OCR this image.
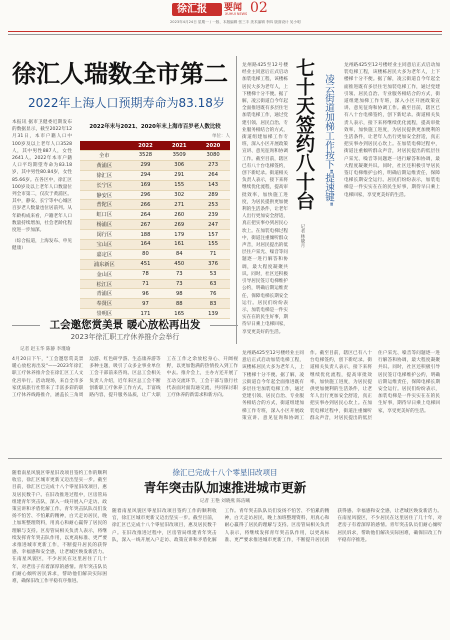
徐汇报	XUHUI NEWS
要闻 02
2023年4月24日 星期一 / 一版、本版编辑 张三丰 美术编辑 李四 版面设计 吴小明
徐汇人瑞数全市第二
2022年上海人口预期寿命为83.18岁

本报讯 据市卫健委近期发布的数据显示，截至2022年12月31日，本市户籍人口中100岁及以上老年人口3528人，其中男性887人，女性2641人。2022年本市户籍人口平均期望寿命为83.18岁，其中男性80.84岁，女性85.66岁。在各区中，徐汇区100岁及以上老年人口数量位列全市第二，仅次于黄浦区。其中，静安、长宁等中心城区百岁老人数量也位居前列。从年龄构成来看，户籍老年人口数量持续增加，社会老龄化程度进一步加深。

（综合报道，上海发布、申见健康）

2022年末与2021、2020年末上海市百岁老人数比较
单位：人
	2022	2021	2020
全市	3528	3509	3080
黄浦区	299	306	273
徐汇区	294	291	264
长宁区	169	155	143
静安区	296	302	289
普陀区	266	271	253
虹口区	264	260	239
杨浦区	267	269	247
闵行区	188	179	157
宝山区	164	161	155
嘉定区	80	84	71
浦东新区	451	450	376
金山区	78	73	53
松江区	71	73	63
青浦区	96	98	76
奉贤区	97	88	83
崇明区	171	165	139
七十天签约八十台 凌云街道加梯工作按下"提速键"
记者 林晓月

龙州路425至12号楼经业主同意后正式启动加装电梯工程，该楼栋居民大多为老年人，上下楼梯十分不便。据了解，凌云街道自今年起全面推进既有多层住宅加装电梯工作，通过党建引领、居民自治、专业服务相结合的方式，街道组建加梯工作专班，深入小区开展政策宣讲、意见征询和协调工作。截至目前，辖区已有八十台电梯签约，创下新纪录。街道相关负责人表示，接下来将继续优化流程，提高审批效率，加快施工进度，为居民提供更加便利的生活条件，让老年人出行更加安全舒适，真正把实事办到居民心坎上。在加装电梯过程中，街道注重倾听群众声音，对居民提出的低层住户采光、噪音等问题逐一进行解答和协调，最大程度凝聚共识。同时，社区还积极引导居民签订电梯维护公约，明确后期运维责任，保障电梯长期安全运行。居民们纷纷表示，加装电梯是一件实实在在的民生好事，期待早日乘上电梯回家，享受更美好的生活。

龙州路425至12号楼经业主同意后正式启动加装电梯工程，该楼栋居民大多为老年人，上下楼梯十分不便。据了解，凌云街道自今年起全面推进既有多层住宅加装电梯工作，通过党建引领、居民自治、专业服务相结合的方式，街道组建加梯工作专班，深入小区开展政策宣讲、意见征询和协调工作。截至目前，辖区已有八十台电梯签约，创下新纪录。街道相关负责人表示，接下来将继续优化流程，提高审批效率，加快施工进度，为居民提供更加便利的生活条件，让老年人出行更加安全舒适，真正把实事办到居民心坎上。在加装电梯过程中，街道注重倾听群众声音，对居民提出的低层住户采光、噪音等问题逐一进行解答和协调，最大程度凝聚共识。同时，社区还积极引导居民签订电梯维护公约，明确后期运维责任，保障电梯长期安全运行。居民们纷纷表示，加装电梯是一件实实在在的民生好事，期待早日乘上电梯回家，享受更美好的生活。

工会邀您赏美景 暖心放松再出发
2023年徐汇职工疗休养推介会举行
记者 赵玉华 陈静 李瑾瑜

4月20日下午，"工会邀您赏美景 暖心放松再出发"——2023年徐汇职工疗休养推介会在徐汇区工人文化宫举行。活动现场，来自全市多家优质旅行社带来了丰富多彩的职工疗休养线路推介，涵盖长三角周边游、红色研学游、生态康养游等多种主题，吸引了众多企事业单位工会干部前来咨询。区总工会相关负责人介绍，近年来区总工会不断创新职工疗休养工作方式，丰富线路内容，提升服务品质，让广大职工在工作之余放松身心、开阔视野，以更加饱满的热情投入到工作中去。推介会上，主办方还开展了互动交流环节，工会干部与旅行社代表面对面沟通交流，共同探讨职工疗休养的新需求和新方向。

龙州路425至12号楼经业主同意后正式启动加装电梯工程，该楼栋居民大多为老年人，上下楼梯十分不便。据了解，凌云街道自今年起全面推进既有多层住宅加装电梯工作，通过党建引领、居民自治、专业服务相结合的方式，街道组建加梯工作专班，深入小区开展政策宣讲、意见征询和协调工作。截至目前，辖区已有八十台电梯签约，创下新纪录。街道相关负责人表示，接下来将继续优化流程，提高审批效率，加快施工进度，为居民提供更加便利的生活条件，让老年人出行更加安全舒适，真正把实事办到居民心坎上。在加装电梯过程中，街道注重倾听群众声音，对居民提出的低层住户采光、噪音等问题逐一进行解答和协调，最大程度凝聚共识。同时，社区还积极引导居民签订电梯维护公约，明确后期运维责任，保障电梯长期安全运行。居民们纷纷表示，加装电梯是一件实实在在的民生好事，期待早日乘上电梯回家，享受更美好的生活。
徐汇已完成十八个零星旧改项目
青年突击队加速推进城市更新
记者 王艳 刘晓燕 陈洁曦

随着南星风貌区零星旧改项目签约工作的顺利收官，徐汇区城市更新又迈出坚实一步。截至目前，徐汇区已完成十八个零星旧改项目，惠及居民数千户。在旧改推进过程中，区房管局组建青年突击队，深入一线开展入户走访、政策宣讲和矛盾化解工作。青年突击队队员们发扬不怕苦、不怕累的精神，白天走访居民，晚上加班整理资料，用真心和耐心赢得了居民的理解与支持。区房管局相关负责人表示，将继续发挥青年突击队作用，以更高标准、更严要求推进城市更新工作，不断提升居民的获得感、幸福感和安全感，让老城区焕发新活力。在南星风貌区，不少居民在这里居住了几十年，对老房子有着深厚的感情。青年突击队员们耐心倾听居民诉求，帮助他们解决实际困难，确保旧改工作平稳有序推进。

随着南星风貌区零星旧改项目签约工作的顺利收官，徐汇区城市更新又迈出坚实一步。截至目前，徐汇区已完成十八个零星旧改项目，惠及居民数千户。在旧改推进过程中，区房管局组建青年突击队，深入一线开展入户走访、政策宣讲和矛盾化解工作。青年突击队队员们发扬不怕苦、不怕累的精神，白天走访居民，晚上加班整理资料，用真心和耐心赢得了居民的理解与支持。区房管局相关负责人表示，将继续发挥青年突击队作用，以更高标准、更严要求推进城市更新工作，不断提升居民的获得感、幸福感和安全感，让老城区焕发新活力。在南星风貌区，不少居民在这里居住了几十年，对老房子有着深厚的感情。青年突击队员们耐心倾听居民诉求，帮助他们解决实际困难，确保旧改工作平稳有序推进。
